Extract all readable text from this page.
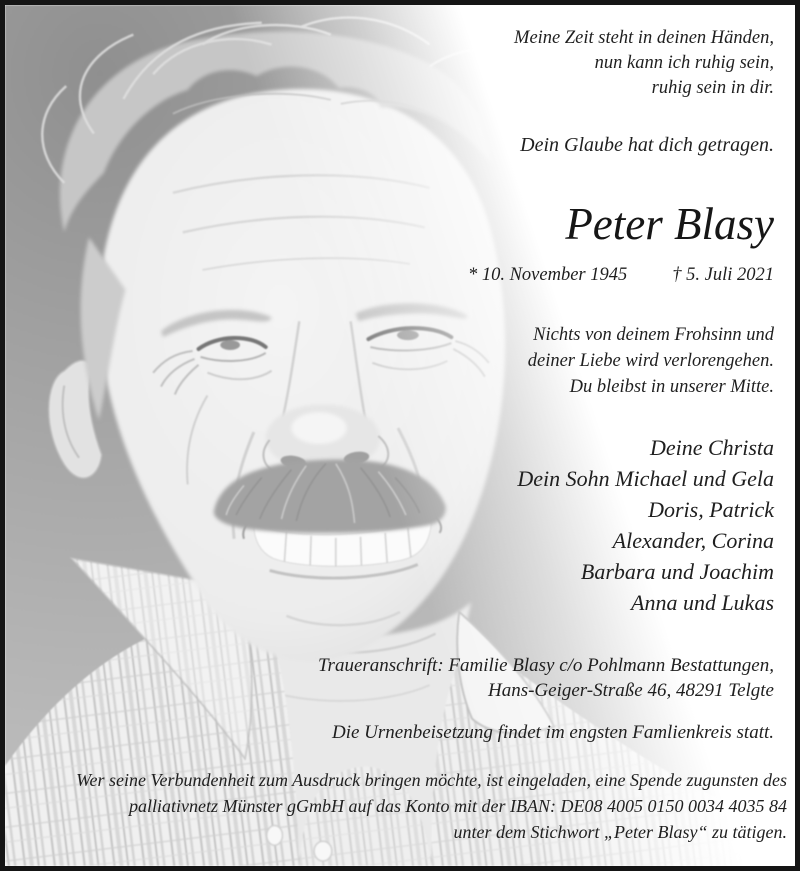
Meine Zeit steht in deinen Händen,
nun kann ich ruhig sein,
ruhig sein in dir.
Dein Glaube hat dich getragen.
Peter Blasy
* 10. November 1945 † 5. Juli 2021
Nichts von deinem Frohsinn und
deiner Liebe wird verlorengehen.
Du bleibst in unserer Mitte.
Deine Christa
Dein Sohn Michael und Gela
Doris, Patrick
Alexander, Corina
Barbara und Joachim
Anna und Lukas
Traueranschrift: Familie Blasy c/o Pohlmann Bestattungen,
Hans-Geiger-Straße 46, 48291 Telgte
Die Urnenbeisetzung findet im engsten Famlienkreis statt.
Wer seine Verbundenheit zum Ausdruck bringen möchte, ist eingeladen, eine Spende zugunsten des
palliativnetz Münster gGmbH auf das Konto mit der IBAN: DE08 4005 0150 0034 4035 84
unter dem Stichwort „Peter Blasy“ zu tätigen.
